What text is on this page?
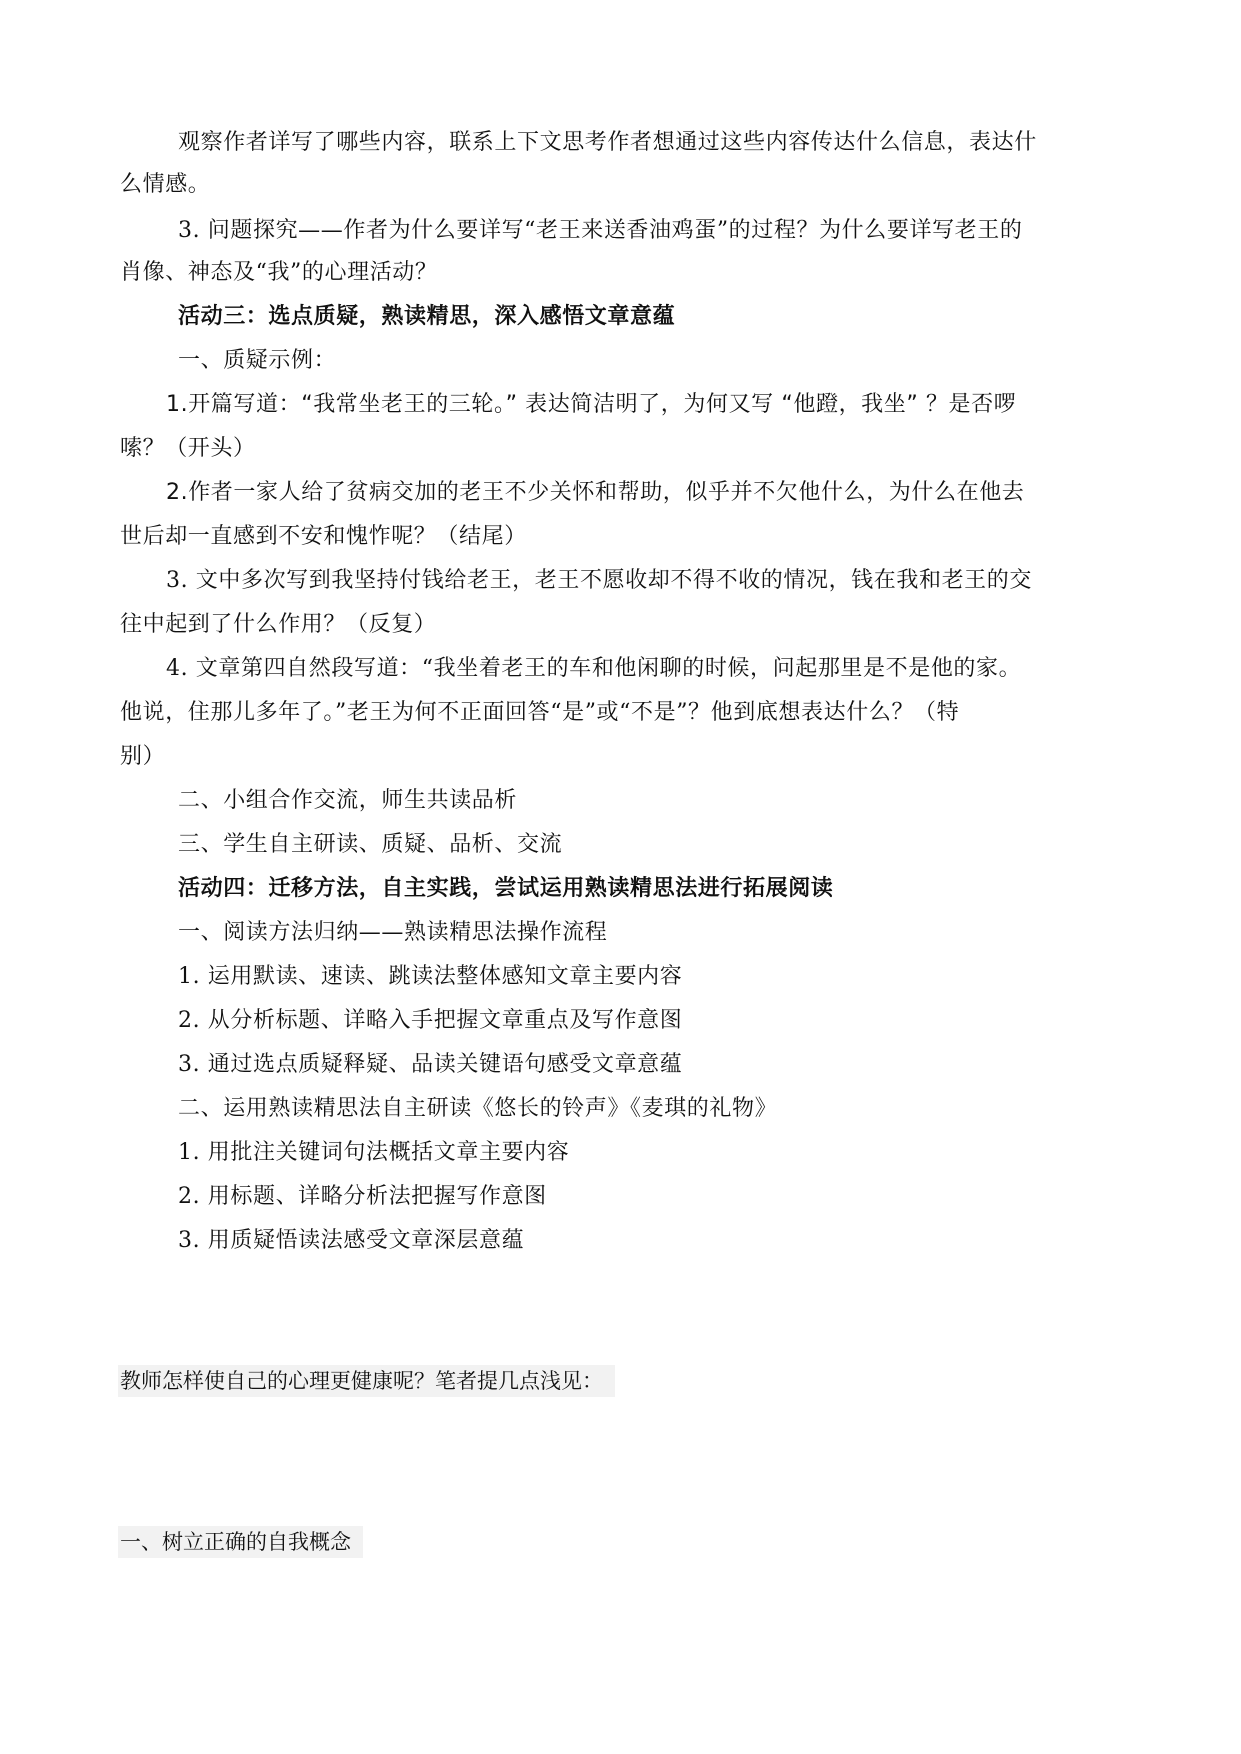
观察作者详写了哪些内容，联系上下文思考作者想通过这些内容传达什么信息，表达什
么情感。
3. 问题探究——作者为什么要详写“老王来送香油鸡蛋”的过程？为什么要详写老王的
肖像、神态及“我”的心理活动？
活动三：选点质疑，熟读精思，深入感悟文章意蕴
一、质疑示例：
1.开篇写道：“我常坐老王的三轮。” 表达简洁明了，为何又写 “他蹬，我坐” ？是否啰
嗦？（开头）
2.作者一家人给了贫病交加的老王不少关怀和帮助，似乎并不欠他什么，为什么在他去
世后却一直感到不安和愧怍呢？（结尾）
3. 文中多次写到我坚持付钱给老王，老王不愿收却不得不收的情况，钱在我和老王的交
往中起到了什么作用？（反复）
4. 文章第四自然段写道：“我坐着老王的车和他闲聊的时候，问起那里是不是他的家。
他说，住那儿多年了。”老王为何不正面回答“是”或“不是”？他到底想表达什么？（特
别）
二、小组合作交流，师生共读品析
三、学生自主研读、质疑、品析、交流
活动四：迁移方法，自主实践，尝试运用熟读精思法进行拓展阅读
一、阅读方法归纳——熟读精思法操作流程
1. 运用默读、速读、跳读法整体感知文章主要内容
2. 从分析标题、详略入手把握文章重点及写作意图
3. 通过选点质疑释疑、品读关键语句感受文章意蕴
二、运用熟读精思法自主研读《悠长的铃声》《麦琪的礼物》
1. 用批注关键词句法概括文章主要内容
2. 用标题、详略分析法把握写作意图
3. 用质疑悟读法感受文章深层意蕴
教师怎样使自己的心理更健康呢？笔者提几点浅见：
一、树立正确的自我概念
